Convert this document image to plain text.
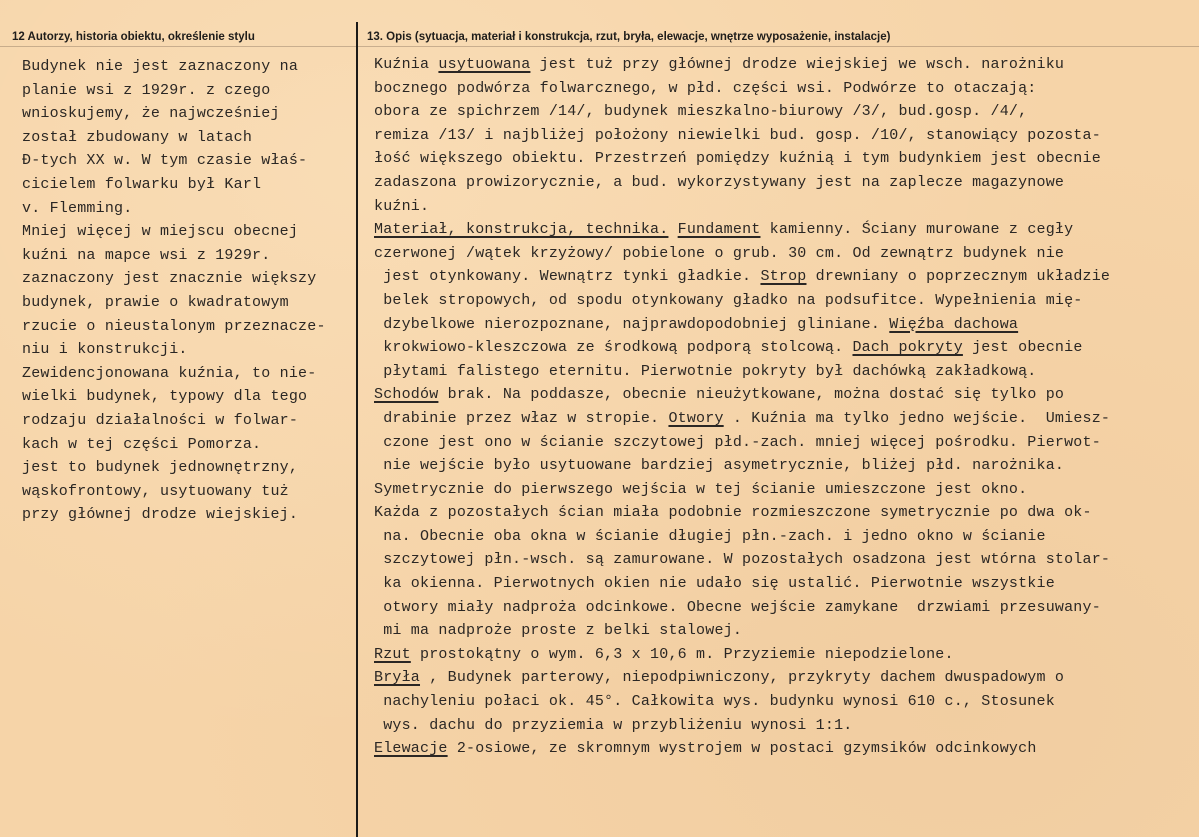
12 Autorzy, historia obiektu, określenie stylu	13. Opis (sytuacja, materiał i konstrukcja, rzut, bryła, elewacje, wnętrze wyposażenie, instalacje)
Budynek nie jest zaznaczony na
planie wsi z 1929r. z czego
wnioskujemy, że najwcześniej
został zbudowany w latach
Ɖ-tych XX w. W tym czasie właś-
cicielem folwarku był Karl
v. Flemming.
Mniej więcej w miejscu obecnej
kuźni na mapce wsi z 1929r.
zaznaczony jest znacznie większy
budynek, prawie o kwadratowym
rzucie o nieustalonym przeznacze-
niu i konstrukcji.
Zewidencjonowana kuźnia, to nie-
wielki budynek, typowy dla tego
rodzaju działalności w folwar-
kach w tej części Pomorza.
jest to budynek jednownętrzny,
wąskofrontowy, usytuowany tuż
przy głównej drodze wiejskiej.
Kuźnia usytuowana jest tuż przy głównej drodze wiejskiej we wsch. narożniku
bocznego podwórza folwarcznego, w płd. części wsi. Podwórze to otaczają:
obora ze spichrzem /14/, budynek mieszkalno-biurowy /3/, bud.gosp. /4/,
remiza /13/ i najbliżej położony niewielki bud. gosp. /10/, stanowiący pozosta-
łość większego obiektu. Przestrzeń pomiędzy kuźnią i tym budynkiem jest obecnie
zadaszona prowizorycznie, a bud. wykorzystywany jest na zaplecze magazynowe
kuźni.
Materiał, konstrukcja, technika. Fundament kamienny. Ściany murowane z cegły
czerwonej /wątek krzyżowy/ pobielone o grub. 30 cm. Od zewnątrz budynek nie
jest otynkowany. Wewnątrz tynki gładkie. Strop drewniany o poprzecznym układzie
belek stropowych, od spodu otynkowany gładko na podsufitce. Wypełnienia mię-
dzybelkowe nierozpoznane, najprawdopodobniej gliniane. Więźba dachowa
krokwiowo-kleszczowa ze środkową podporą stolcową. Dach pokryty jest obecnie
płytami falistego eternitu. Pierwotnie pokryty był dachówką zakładkową.
Schodów brak. Na poddasze, obecnie nieużytkowane, można dostać się tylko po
drabinie przez właz w stropie. Otwory . Kuźnia ma tylko jedno wejście.  Umiesz-
czone jest ono w ścianie szczytowej płd.-zach. mniej więcej pośrodku. Pierwot-
nie wejście było usytuowane bardziej asymetrycznie, bliżej płd. narożnika.
Symetrycznie do pierwszego wejścia w tej ścianie umieszczone jest okno.
Każda z pozostałych ścian miała podobnie rozmieszczone symetrycznie po dwa ok-
na. Obecnie oba okna w ścianie długiej płn.-zach. i jedno okno w ścianie
szczytowej płn.-wsch. są zamurowane. W pozostałych osadzona jest wtórna stolar-
ka okienna. Pierwotnych okien nie udało się ustalić. Pierwotnie wszystkie
otwory miały nadproża odcinkowe. Obecne wejście zamykane  drzwiami przesuwany-
mi ma nadproże proste z belki stalowej.
Rzut prostokątny o wym. 6,3 x 10,6 m. Przyziemie niepodzielone.
Bryła , Budynek parterowy, niepodpiwniczony, przykryty dachem dwuspadowym o
nachyleniu połaci ok. 45°. Całkowita wys. budynku wynosi 610 c., Stosunek
wys. dachu do przyziemia w przybliżeniu wynosi 1:1.
Elewacje 2-osiowe, ze skromnym wystrojem w postaci gzymsików odcinkowych
